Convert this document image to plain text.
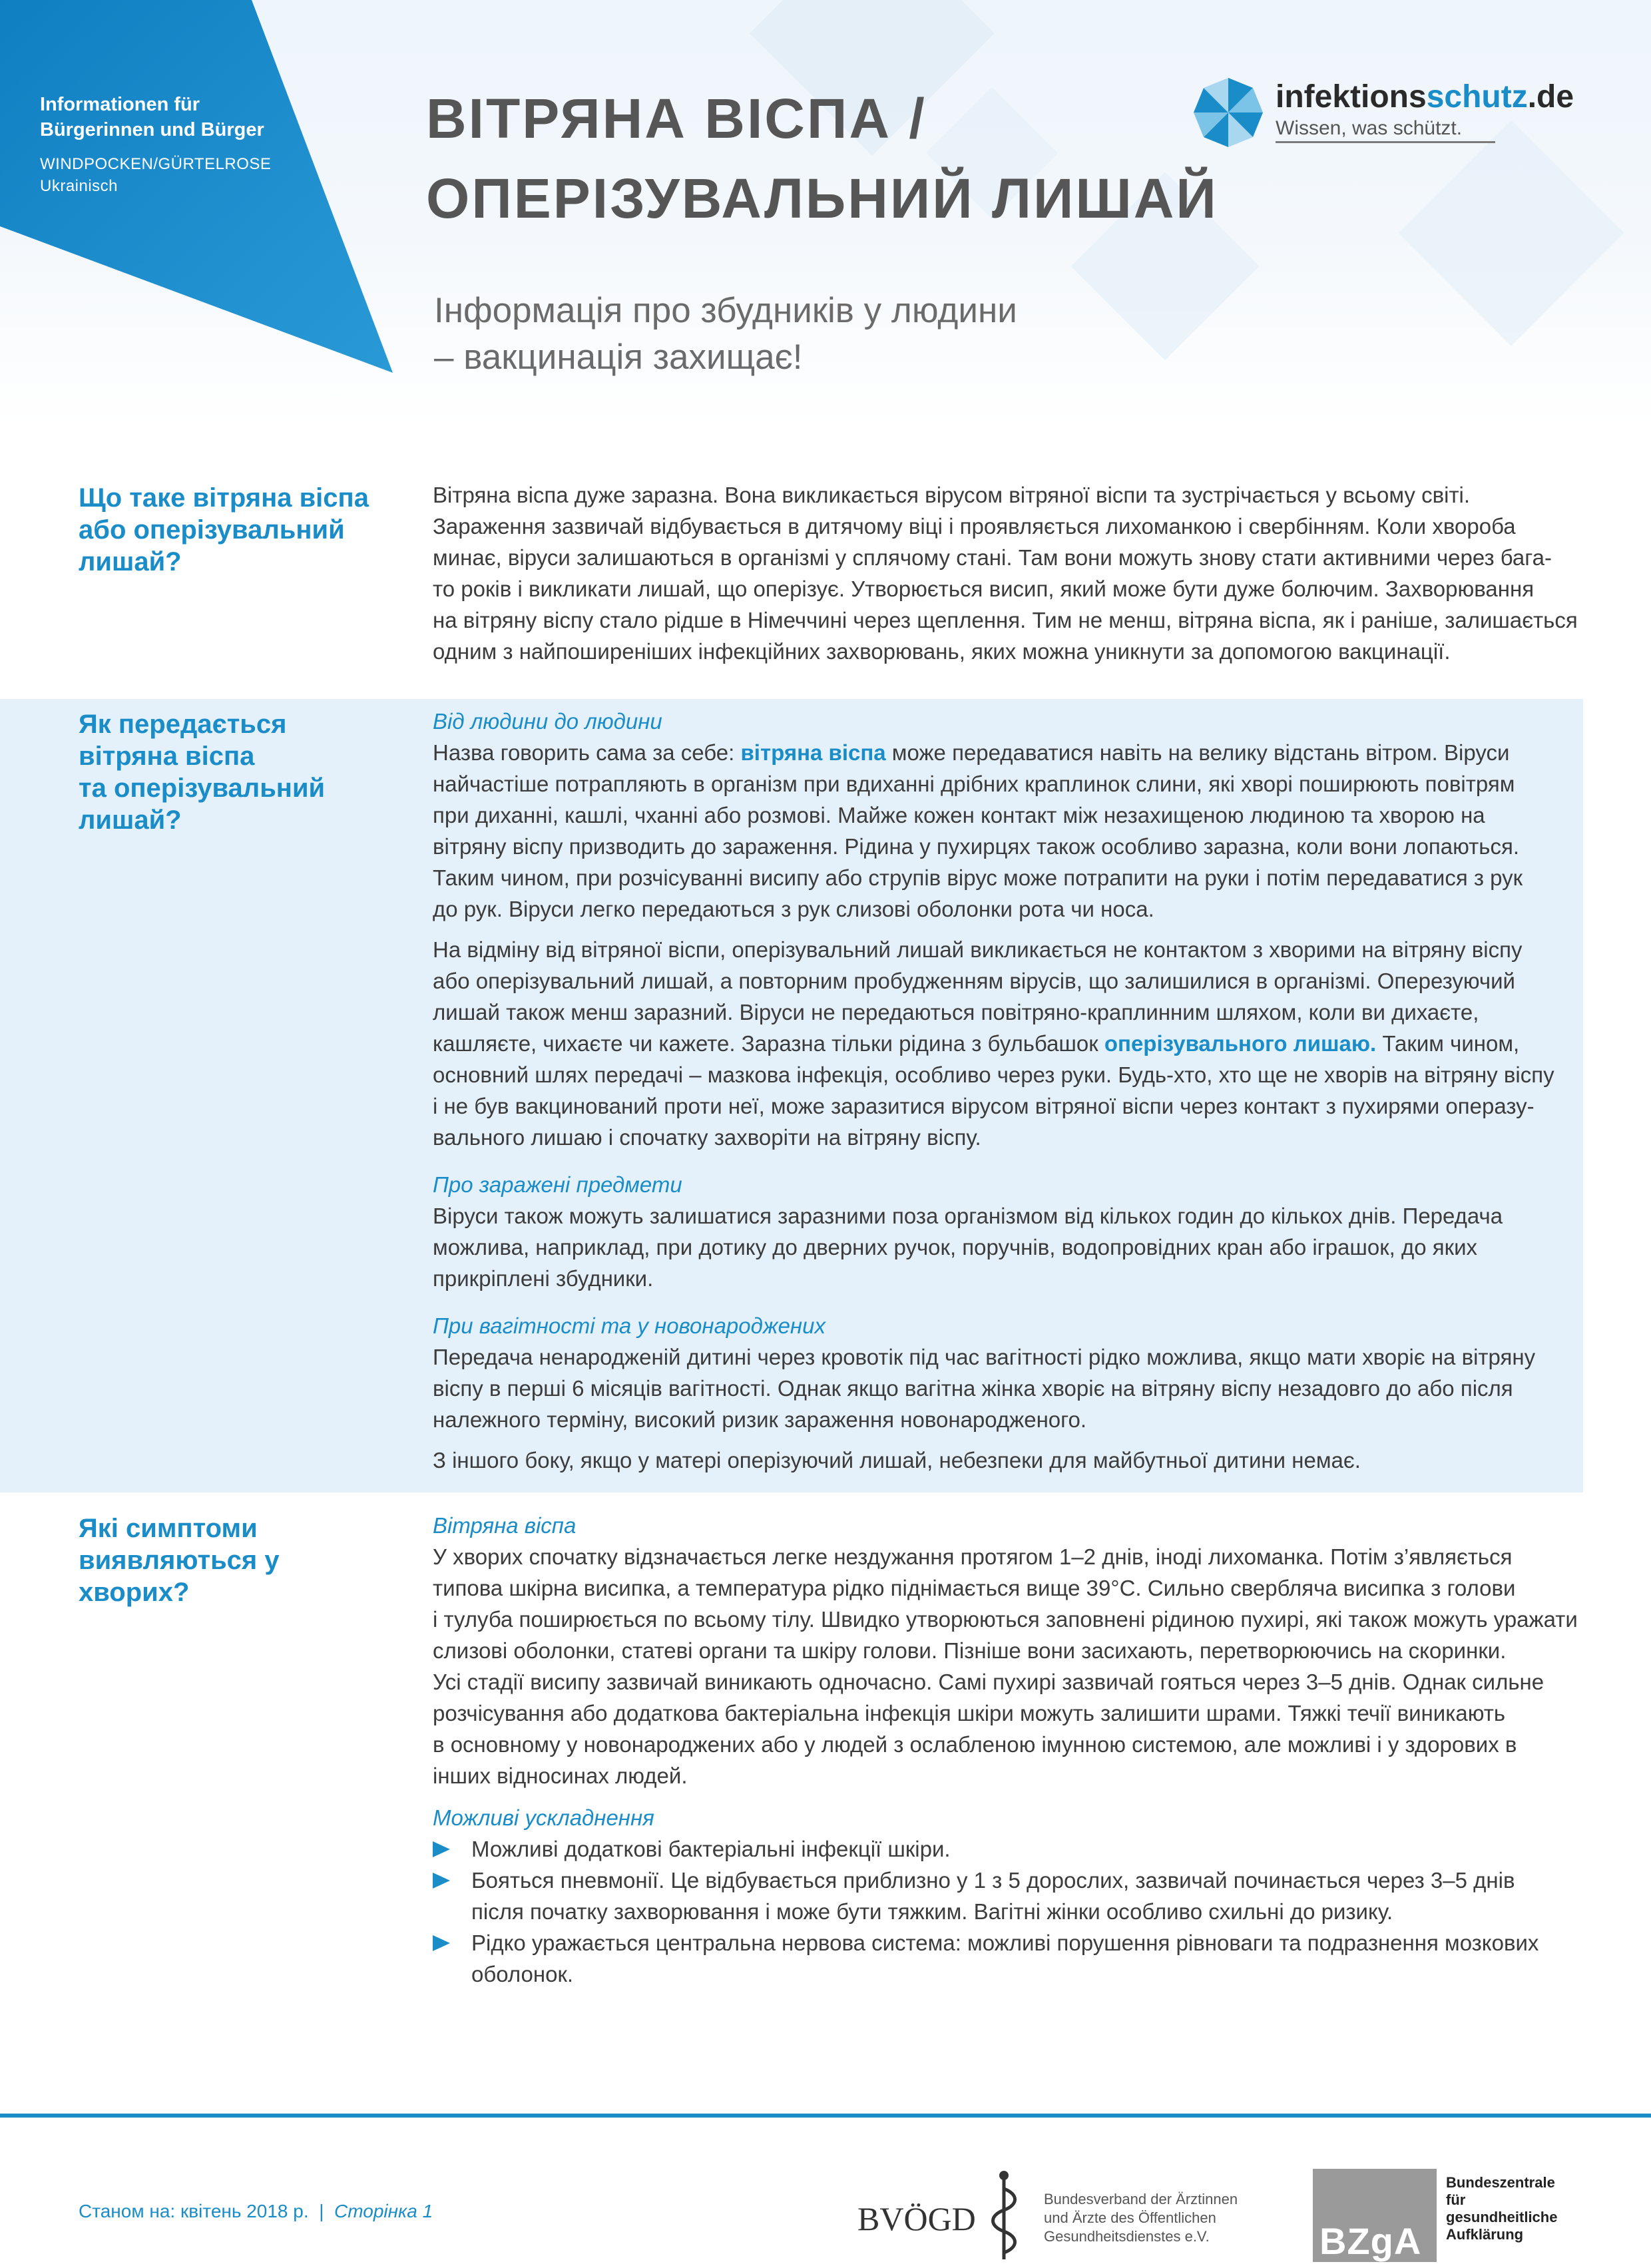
Informationen für
Bürgerinnen und Bürger
WINDPOCKEN/GÜRTELROSE
Ukrainisch
ВІТРЯНА ВІСПА /
ОПЕРІЗУВАЛЬНИЙ ЛИШАЙ
Інформація про збудників у людини
– вакцинація захищає!
infektionsschutz.de
Wissen, was schützt.
Що таке вітряна віспа
або оперізувальний
лишай?
Вітряна віспа дуже заразна. Вона викликається вірусом вітряної віспи та зустрічається у всьому світі.
Зараження зазвичай відбувається в дитячому віці і проявляється лихоманкою і свербінням. Коли хвороба
минає, віруси залишаються в організмі у сплячому стані. Там вони можуть знову стати активними через бага-
то років і викликати лишай, що оперізує. Утворюється висип, який може бути дуже болючим. Захворювання
на вітряну віспу стало рідше в Німеччині через щеплення. Тим не менш, вітряна віспа, як і раніше, залишається
одним з найпоширеніших інфекційних захворювань, яких можна уникнути за допомогою вакцинації.
Як передається
вітряна віспа
та оперізувальний
лишай?
Від людини до людини
Назва говорить сама за себе: вітряна віспа може передаватися навіть на велику відстань вітром. Віруси
найчастіше потрапляють в організм при вдиханні дрібних краплинок слини, які хворі поширюють повітрям
при диханні, кашлі, чханні або розмові. Майже кожен контакт між незахищеною людиною та хворою на
вітряну віспу призводить до зараження. Рідина у пухирцях також особливо заразна, коли вони лопаються.
Таким чином, при розчісуванні висипу або струпів вірус може потрапити на руки і потім передаватися з рук
до рук. Віруси легко передаються з рук слизові оболонки рота чи носа.
На відміну від вітряної віспи, оперізувальний лишай викликається не контактом з хворими на вітряну віспу
або оперізувальний лишай, а повторним пробудженням вірусів, що залишилися в організмі. Оперезуючий
лишай також менш заразний. Віруси не передаються повітряно-краплинним шляхом, коли ви дихаєте,
кашляєте, чихаєте чи кажете. Заразна тільки рідина з бульбашок оперізувального лишаю. Таким чином,
основний шлях передачі – мазкова інфекція, особливо через руки. Будь-хто, хто ще не хворів на вітряну віспу
і не був вакцинований проти неї, може заразитися вірусом вітряної віспи через контакт з пухирями операзу-
вального лишаю і спочатку захворіти на вітряну віспу.
Про заражені предмети
Віруси також можуть залишатися заразними поза організмом від кількох годин до кількох днів. Передача
можлива, наприклад, при дотику до дверних ручок, поручнів, водопровідних кран або іграшок, до яких
прикріплені збудники.
При вагітності та у новонароджених
Передача ненародженій дитині через кровотік під час вагітності рідко можлива, якщо мати хворіє на вітряну
віспу в перші 6 місяців вагітності. Однак якщо вагітна жінка хворіє на вітряну віспу незадовго до або після
належного терміну, високий ризик зараження новонародженого.
З іншого боку, якщо у матері оперізуючий лишай, небезпеки для майбутньої дитини немає.
Які симптоми
виявляються у
хворих?
Вітряна віспа
У хворих спочатку відзначається легке нездужання протягом 1–2 днів, іноді лихоманка. Потім з’являється
типова шкірна висипка, а температура рідко піднімається вище 39°C. Сильно сверблячa висипка з голови
і тулуба поширюється по всьому тілу. Швидко утворюються заповнені рідиною пухирі, які також можуть уражати
слизові оболонки, статеві органи та шкіру голови. Пізніше вони засихають, перетворюючись на скоринки.
Усі стадії висипу зазвичай виникають одночасно. Самі пухирі зазвичай гояться через 3–5 днів. Однак сильне
розчісування або додаткова бактеріальна інфекція шкіри можуть залишити шрами. Тяжкі течії виникають
в основному у новонароджених або у людей з ослабленою імунною системою, але можливі і у здорових в
інших відносинах людей.
Можливі ускладнення
Можливі додаткові бактеріальні інфекції шкіри.
Бояться пневмонії. Це відбувається приблизно у 1 з 5 дорослих, зазвичай починається через 3–5 днів
після початку захворювання і може бути тяжким. Вагітні жінки особливо схильні до ризику.
Рідко уражається центральна нервова система: можливі порушення рівноваги та подразнення мозкових
оболонок.
Станом на: квітень 2018 р. | Сторінка 1	BVÖGD
Bundesverband der Ärztinnen
und Ärzte des Öffentlichen
Gesundheitsdienstes e.V.	BZgA
Bundeszentrale
für
gesundheitliche
Aufklärung
